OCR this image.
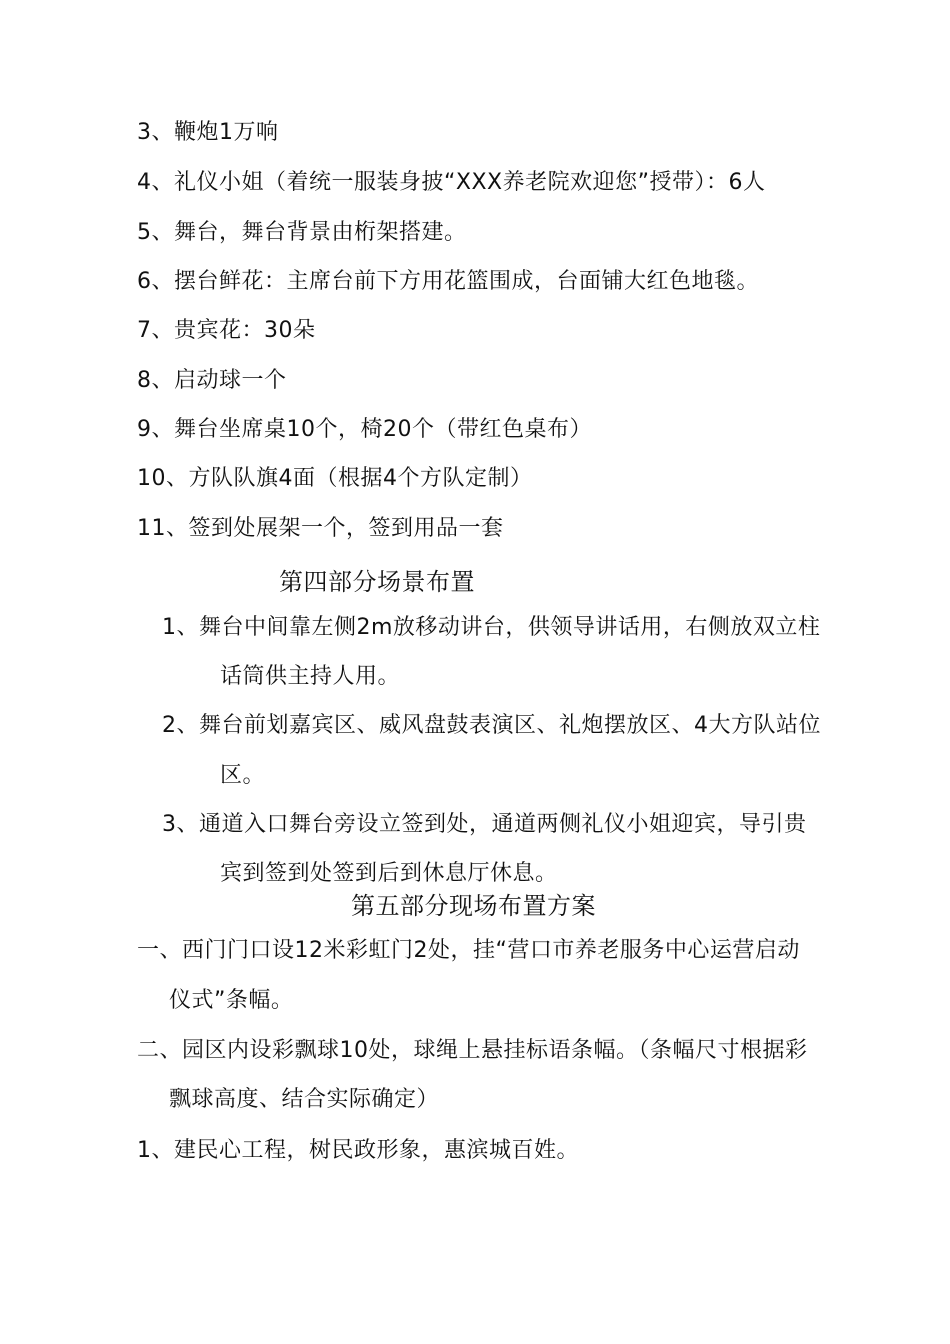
3、鞭炮1万响
4、礼仪小姐（着统一服装身披“XXX养老院欢迎您”授带）：6人
5、舞台，舞台背景由桁架搭建。
6、摆台鲜花：主席台前下方用花篮围成，台面铺大红色地毯。
7、贵宾花：30朵
8、启动球一个
9、舞台坐席桌10个，椅20个（带红色桌布）
10、方队队旗4面（根据4个方队定制）
11、签到处展架一个，签到用品一套
第四部分场景布置
1、舞台中间靠左侧2m放移动讲台，供领导讲话用，右侧放双立柱
话筒供主持人用。
2、舞台前划嘉宾区、威风盘鼓表演区、礼炮摆放区、4大方队站位
区。
3、通道入口舞台旁设立签到处，通道两侧礼仪小姐迎宾，导引贵
宾到签到处签到后到休息厅休息。
第五部分现场布置方案
一、西门门口设12米彩虹门2处，挂“营口市养老服务中心运营启动
仪式”条幅。
二、园区内设彩飘球10处，球绳上悬挂标语条幅。（条幅尺寸根据彩
飘球高度、结合实际确定）
1、建民心工程，树民政形象，惠滨城百姓。
